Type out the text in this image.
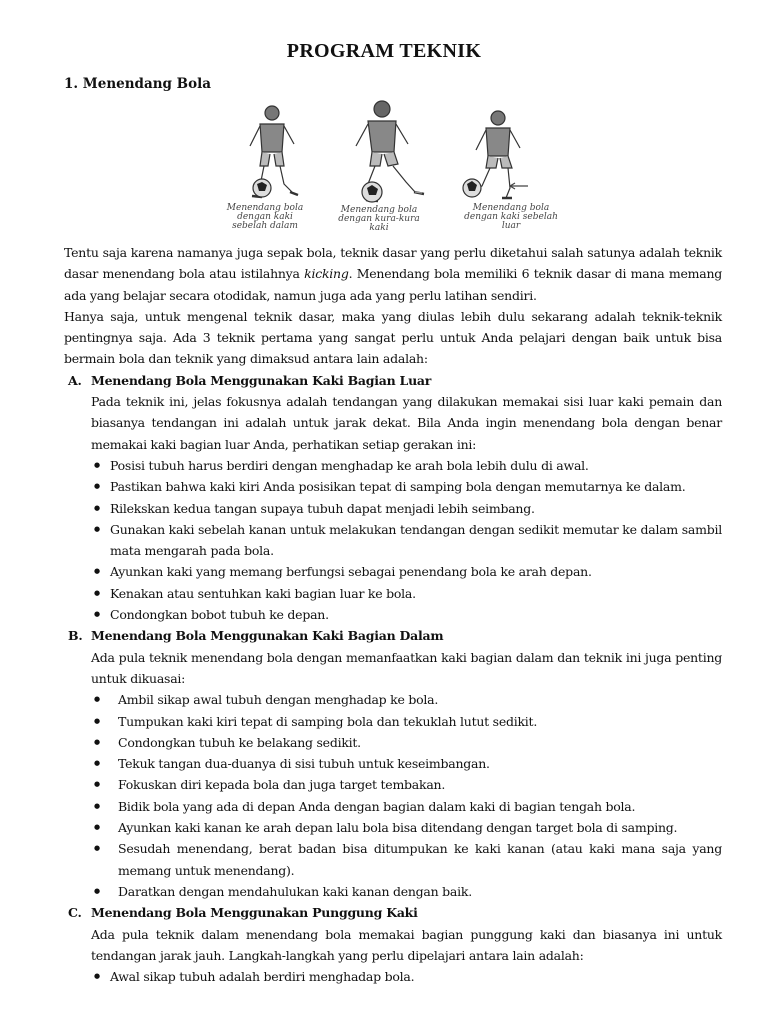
PROGRAM TEKNIK
1. Menendang Bola
Menendang bola dengan kaki sebelah dalam
Menendang bola dengan kura-kura kaki
Menendang bola dengan kaki sebelah luar

Tentu saja karena namanya juga sepak bola, teknik dasar yang perlu diketahui salah satunya adalah teknik dasar menendang bola atau istilahnya kicking. Menendang bola memiliki 6 teknik dasar di mana memang ada yang belajar secara otodidak, namun juga ada yang perlu latihan sendiri.

Hanya saja, untuk mengenal teknik dasar, maka yang diulas lebih dulu sekarang adalah teknik-teknik pentingnya saja. Ada 3 teknik pertama yang sangat perlu untuk Anda pelajari dengan baik untuk bisa bermain bola dan teknik yang dimaksud antara lain adalah:

A. Menendang Bola Menggunakan Kaki Bagian Luar

Pada teknik ini, jelas fokusnya adalah tendangan yang dilakukan memakai sisi luar kaki pemain dan biasanya tendangan ini adalah untuk jarak dekat. Bila Anda ingin menendang bola dengan benar memakai kaki bagian luar Anda, perhatikan setiap gerakan ini:

● Posisi tubuh harus berdiri dengan menghadap ke arah bola lebih dulu di awal.
● Pastikan bahwa kaki kiri Anda posisikan tepat di samping bola dengan memutarnya ke dalam.
● Rilekskan kedua tangan supaya tubuh dapat menjadi lebih seimbang.
● Gunakan kaki sebelah kanan untuk melakukan tendangan dengan sedikit memutar ke dalam sambil mata mengarah pada bola.
● Ayunkan kaki yang memang berfungsi sebagai penendang bola ke arah depan.
● Kenakan atau sentuhkan kaki bagian luar ke bola.
● Condongkan bobot tubuh ke depan.
B. Menendang Bola Menggunakan Kaki Bagian Dalam

Ada pula teknik menendang bola dengan memanfaatkan kaki bagian dalam dan teknik ini juga penting untuk dikuasai:

● Ambil sikap awal tubuh dengan menghadap ke bola.
● Tumpukan kaki kiri tepat di samping bola dan tekuklah lutut sedikit.
● Condongkan tubuh ke belakang sedikit.
● Tekuk tangan dua-duanya di sisi tubuh untuk keseimbangan.
● Fokuskan diri kepada bola dan juga target tembakan.
● Bidik bola yang ada di depan Anda dengan bagian dalam kaki di bagian tengah bola.
● Ayunkan kaki kanan ke arah depan lalu bola bisa ditendang dengan target bola di samping.
● Sesudah menendang, berat badan bisa ditumpukan ke kaki kanan (atau kaki mana saja yang memang untuk menendang).
● Daratkan dengan mendahulukan kaki kanan dengan baik.
C. Menendang Bola Menggunakan Punggung Kaki

Ada pula teknik dalam menendang bola memakai bagian punggung kaki dan biasanya ini untuk tendangan jarak jauh. Langkah-langkah yang perlu dipelajari antara lain adalah:

● Awal sikap tubuh adalah berdiri menghadap bola.
